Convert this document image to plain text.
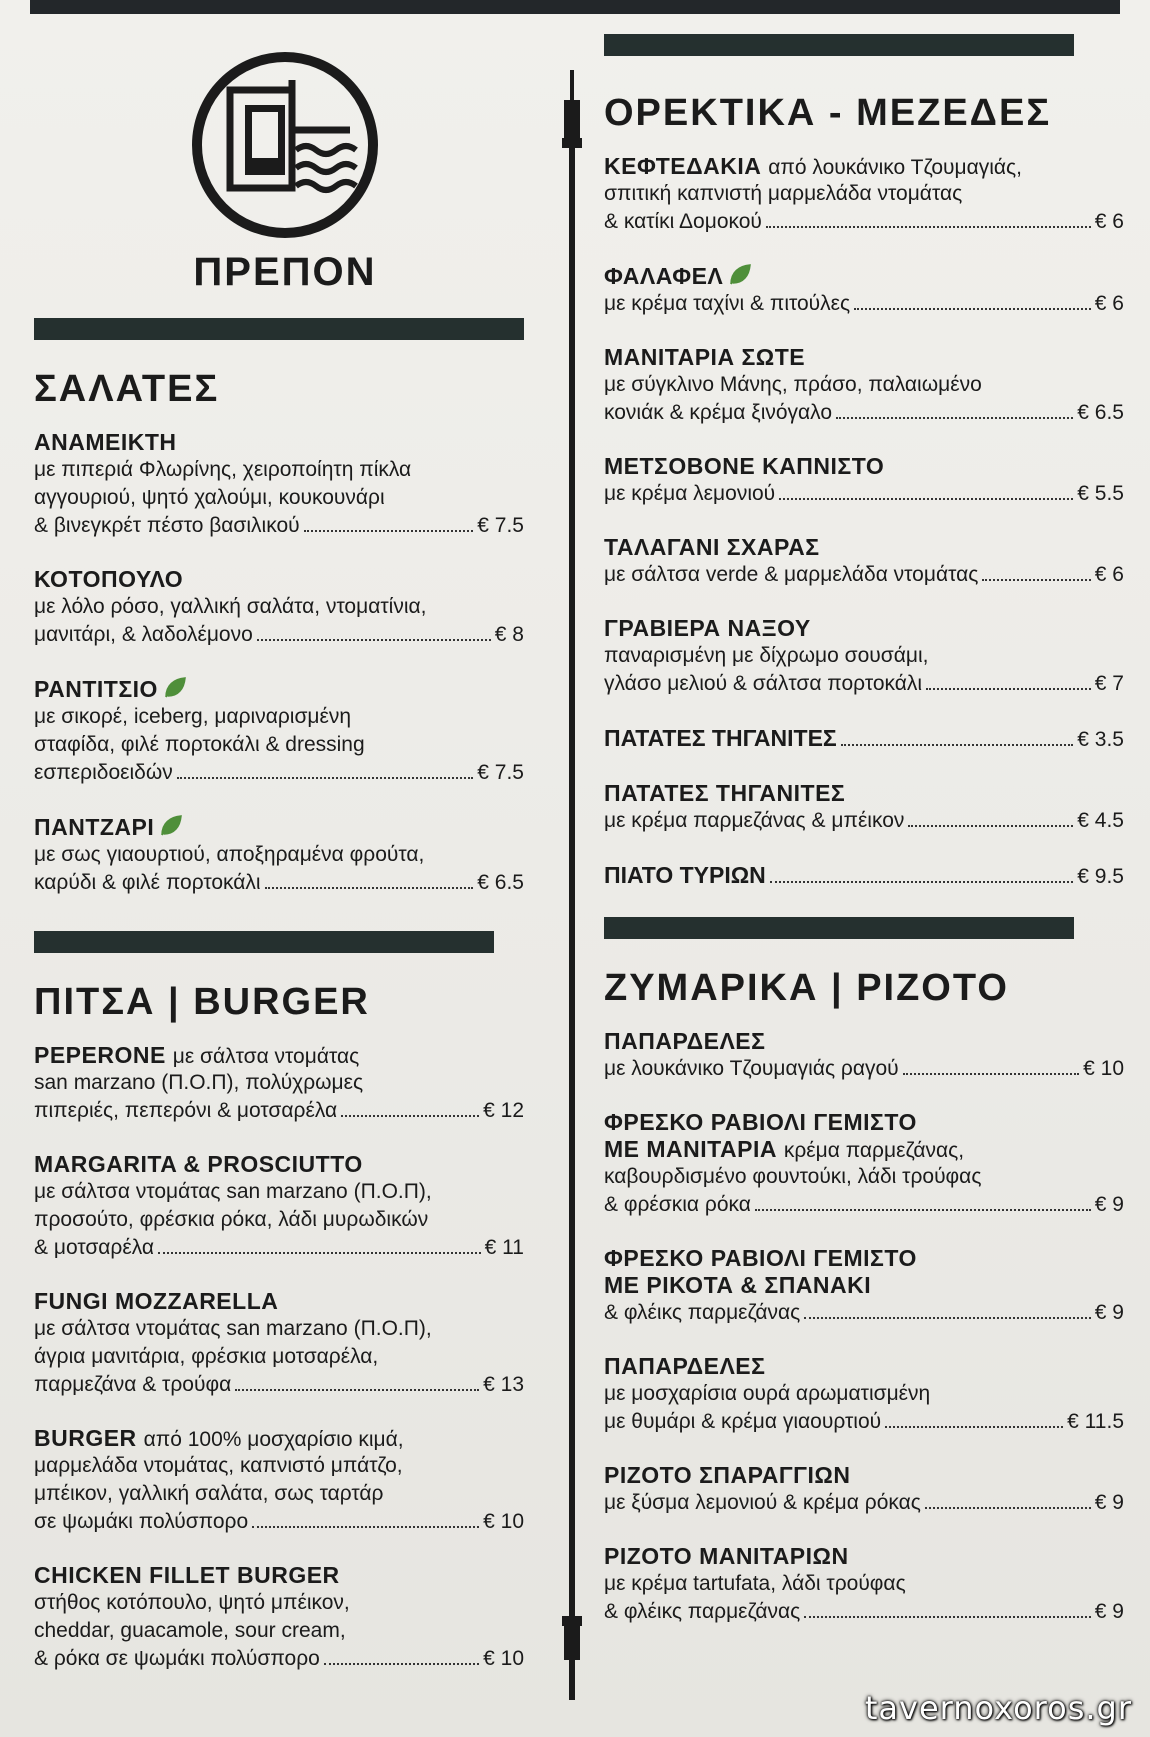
ΠΡΕΠΟΝ
ΣΑΛΑΤΕΣ
ΑΝΑΜΕΙΚΤΗ
με πιπεριά Φλωρίνης, χειροποίητη πίκλα
αγγουριού, ψητό χαλούμι, κουκουνάρι
& βινεγκρέτ πέστο βασιλικού	€ 7.5
ΚΟΤΟΠΟΥΛΟ
με λόλο ρόσο, γαλλική σαλάτα, ντοματίνια,
μανιτάρι, & λαδολέμονο	€ 8
ΡΑΝΤΙΤΣΙΟ
με σικορέ, iceberg, μαριναρισμένη
σταφίδα, φιλέ πορτοκάλι & dressing
εσπεριδοειδών	€ 7.5
ΠΑΝΤΖΑΡΙ
με σως γιαουρτιού, αποξηραμένα φρούτα,
καρύδι & φιλέ πορτοκάλι	€ 6.5
ΠΙΤΣΑ | BURGER
PEPERONE με σάλτσα ντομάτας
san marzano (Π.Ο.Π), πολύχρωμες
πιπεριές, πεπερόνι & μοτσαρέλα	€ 12
MARGARITA & PROSCIUTTO
με σάλτσα ντομάτας san marzano (Π.Ο.Π),
προσούτο, φρέσκια ρόκα, λάδι μυρωδικών
& μοτσαρέλα	€ 11
FUNGI MOZZARELLA
με σάλτσα ντομάτας san marzano (Π.Ο.Π),
άγρια μανιτάρια, φρέσκια μοτσαρέλα,
παρμεζάνα & τρούφα	€ 13
BURGER από 100% μοσχαρίσιο κιμά,
μαρμελάδα ντομάτας, καπνιστό μπάτζο,
μπέικον, γαλλική σαλάτα, σως ταρτάρ
σε ψωμάκι πολύσπορο	€ 10
CHICKEN FILLET BURGER
στήθος κοτόπουλο, ψητό μπέικον,
cheddar, guacamole, sour cream,
& ρόκα σε ψωμάκι πολύσπορο	€ 10
ΟΡΕΚΤΙΚΑ - ΜΕΖΕΔΕΣ
ΚΕΦΤΕΔΑΚΙΑ από λουκάνικο Τζουμαγιάς,
σπιτική καπνιστή μαρμελάδα ντομάτας
& κατίκι Δομοκού	€ 6
ΦΑΛΑΦΕΛ
με κρέμα ταχίνι & πιτούλες	€ 6
ΜΑΝΙΤΑΡΙΑ ΣΩΤΕ
με σύγκλινο Μάνης, πράσο, παλαιωμένο
κονιάκ & κρέμα ξινόγαλο	€ 6.5
ΜΕΤΣΟΒΟΝΕ ΚΑΠΝΙΣΤΟ
με κρέμα λεμονιού	€ 5.5
ΤΑΛΑΓΑΝΙ ΣΧΑΡΑΣ
με σάλτσα verde & μαρμελάδα ντομάτας	€ 6
ΓΡΑΒΙΕΡΑ ΝΑΞΟΥ
παναρισμένη με δίχρωμο σουσάμι,
γλάσο μελιού & σάλτσα πορτοκάλι	€ 7
ΠΑΤΑΤΕΣ ΤΗΓΑΝΙΤΕΣ	€ 3.5
ΠΑΤΑΤΕΣ ΤΗΓΑΝΙΤΕΣ
με κρέμα παρμεζάνας & μπέικον	€ 4.5
ΠΙΑΤΟ ΤΥΡΙΩΝ	€ 9.5
ΖΥΜΑΡΙΚΑ | ΡΙΖΟΤΟ
ΠΑΠΑΡΔΕΛΕΣ
με λουκάνικο Τζουμαγιάς ραγού	€ 10
ΦΡΕΣΚΟ ΡΑΒΙΟΛΙ ΓΕΜΙΣΤΟ
ΜΕ ΜΑΝΙΤΑΡΙΑ κρέμα παρμεζάνας,
καβουρδισμένο φουντούκι, λάδι τρούφας
& φρέσκια ρόκα	€ 9
ΦΡΕΣΚΟ ΡΑΒΙΟΛΙ ΓΕΜΙΣΤΟ
ΜΕ ΡΙΚΟΤΑ & ΣΠΑΝΑΚΙ
& φλέικς παρμεζάνας	€ 9
ΠΑΠΑΡΔΕΛΕΣ
με μοσχαρίσια ουρά αρωματισμένη
με θυμάρι & κρέμα γιαουρτιού	€ 11.5
ΡΙΖΟΤΟ ΣΠΑΡΑΓΓΙΩΝ
με ξύσμα λεμονιού & κρέμα ρόκας	€ 9
ΡΙΖΟΤΟ ΜΑΝΙΤΑΡΙΩΝ
με κρέμα tartufata, λάδι τρούφας
& φλέικς παρμεζάνας	€ 9
tavernoxoros.gr
